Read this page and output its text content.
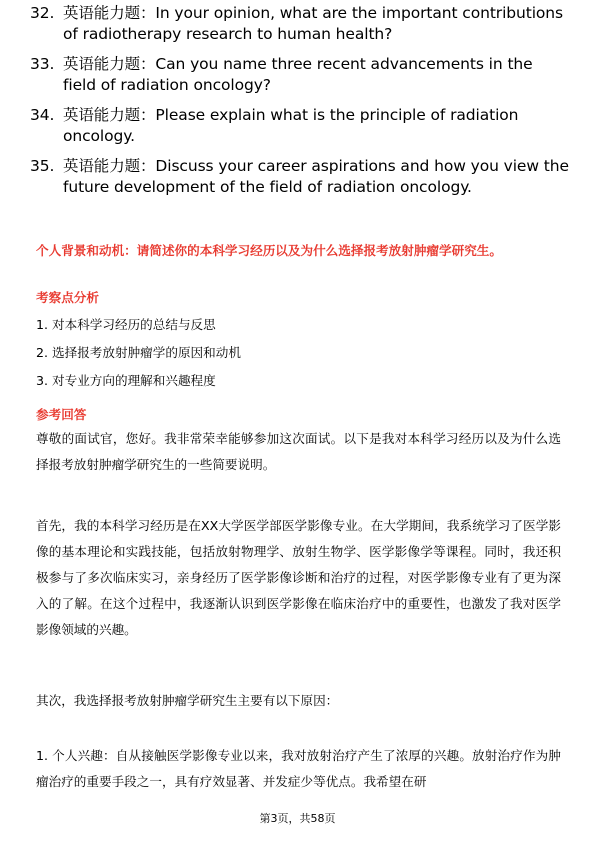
32. 英语能力题：In your opinion, what are the important contributions of radiotherapy research to human health?
33. 英语能力题：Can you name three recent advancements in the field of radiation oncology?
34. 英语能力题：Please explain what is the principle of radiation oncology.
35. 英语能力题：Discuss your career aspirations and how you view the future development of the field of radiation oncology.
个人背景和动机：请简述你的本科学习经历以及为什么选择报考放射肿瘤学研究生。
考察点分析
1. 对本科学习经历的总结与反思
2. 选择报考放射肿瘤学的原因和动机
3. 对专业方向的理解和兴趣程度
参考回答
尊敬的面试官，您好。我非常荣幸能够参加这次面试。以下是我对本科学习经历以及为什么选择报考放射肿瘤学研究生的一些简要说明。
首先，我的本科学习经历是在XX大学医学部医学影像专业。在大学期间，我系统学习了医学影像的基本理论和实践技能，包括放射物理学、放射生物学、医学影像学等课程。同时，我还积极参与了多次临床实习，亲身经历了医学影像诊断和治疗的过程，对医学影像专业有了更为深入的了解。在这个过程中，我逐渐认识到医学影像在临床治疗中的重要性，也激发了我对医学影像领域的兴趣。
其次，我选择报考放射肿瘤学研究生主要有以下原因：
1. 个人兴趣：自从接触医学影像专业以来，我对放射治疗产生了浓厚的兴趣。放射治疗作为肿瘤治疗的重要手段之一，具有疗效显著、并发症少等优点。我希望在研
第3页，共58页
